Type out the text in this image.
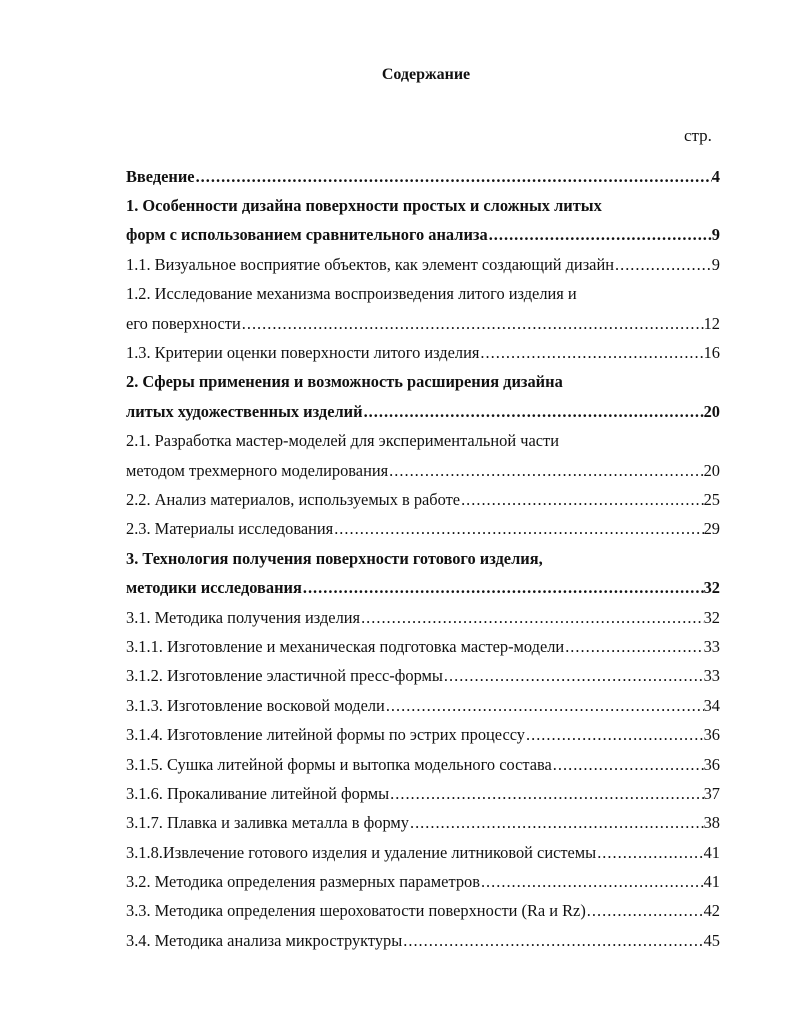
Содержание
стр.
Введение .....	4
1. Особенности дизайна поверхности простых и сложных литых
форм с использованием сравнительного анализа .....	9
1.1. Визуальное восприятие объектов, как элемент создающий дизайн .....	9
1.2. Исследование механизма воспроизведения литого изделия и
его поверхности .....	12
1.3. Критерии оценки поверхности литого изделия .....	16
2. Сферы применения и возможность расширения дизайна
литых художественных изделий .....	20
2.1. Разработка мастер-моделей для экспериментальной части
методом трехмерного моделирования .....	20
2.2. Анализ материалов, используемых в работе .....	25
2.3. Материалы исследования .....	29
3. Технология получения поверхности готового изделия,
методики исследования .....	32
3.1. Методика получения изделия .....	32
3.1.1. Изготовление и механическая подготовка мастер-модели .....	33
3.1.2. Изготовление эластичной пресс-формы .....	33
3.1.3. Изготовление восковой модели .....	34
3.1.4. Изготовление литейной формы по эстрих процессу .....	36
3.1.5. Сушка литейной формы и вытопка модельного состава .....	36
3.1.6. Прокаливание литейной формы .....	37
3.1.7. Плавка и заливка металла в форму .....	38
3.1.8.Извлечение готового изделия и удаление литниковой системы .....	41
3.2. Методика определения размерных параметров .....	41
3.3. Методика определения шероховатости поверхности (Ra и Rz) .....	42
3.4. Методика анализа микроструктуры .....	45
